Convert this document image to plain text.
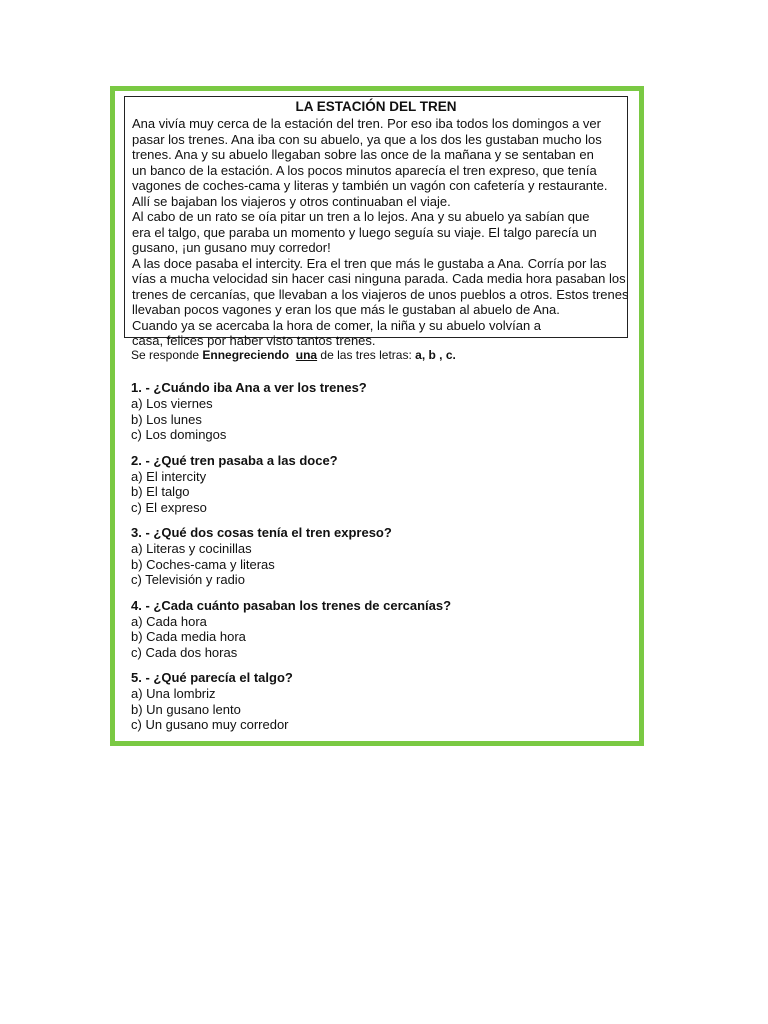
LA ESTACIÓN DEL TREN
Ana vivía muy cerca de la estación del tren. Por eso iba todos los domingos a ver
pasar los trenes. Ana iba con su abuelo, ya que a los dos les gustaban mucho los
trenes. Ana y su abuelo llegaban sobre las once de la mañana y se sentaban en
un banco de la estación. A los pocos minutos aparecía el tren expreso, que tenía
vagones de coches-cama y literas y también un vagón con cafetería y restaurante.
Allí se bajaban los viajeros y otros continuaban el viaje.
Al cabo de un rato se oía pitar un tren a lo lejos. Ana y su abuelo ya sabían que
era el talgo, que paraba un momento y luego seguía su viaje. El talgo parecía un
gusano, ¡un gusano muy corredor!
A las doce pasaba el intercity. Era el tren que más le gustaba a Ana. Corría por las
vías a mucha velocidad sin hacer casi ninguna parada. Cada media hora pasaban los
trenes de cercanías, que llevaban a los viajeros de unos pueblos a otros. Estos trenes
llevaban pocos vagones y eran los que más le gustaban al abuelo de Ana.
Cuando ya se acercaba la hora de comer, la niña y su abuelo volvían a
casa, felices por haber visto tantos trenes.
Se responde Ennegreciendo una de las tres letras: a, b , c.
1. - ¿Cuándo iba Ana a ver los trenes?
a) Los viernes
b) Los lunes
c) Los domingos
2. - ¿Qué tren pasaba a las doce?
a) El intercity
b) El talgo
c) El expreso
3. - ¿Qué dos cosas tenía el tren expreso?
a) Literas y cocinillas
b) Coches-cama y literas
c) Televisión y radio
4. - ¿Cada cuánto pasaban los trenes de cercanías?
a) Cada hora
b) Cada media hora
c) Cada dos horas
5. - ¿Qué parecía el talgo?
a) Una lombriz
b) Un gusano lento
c) Un gusano muy corredor
